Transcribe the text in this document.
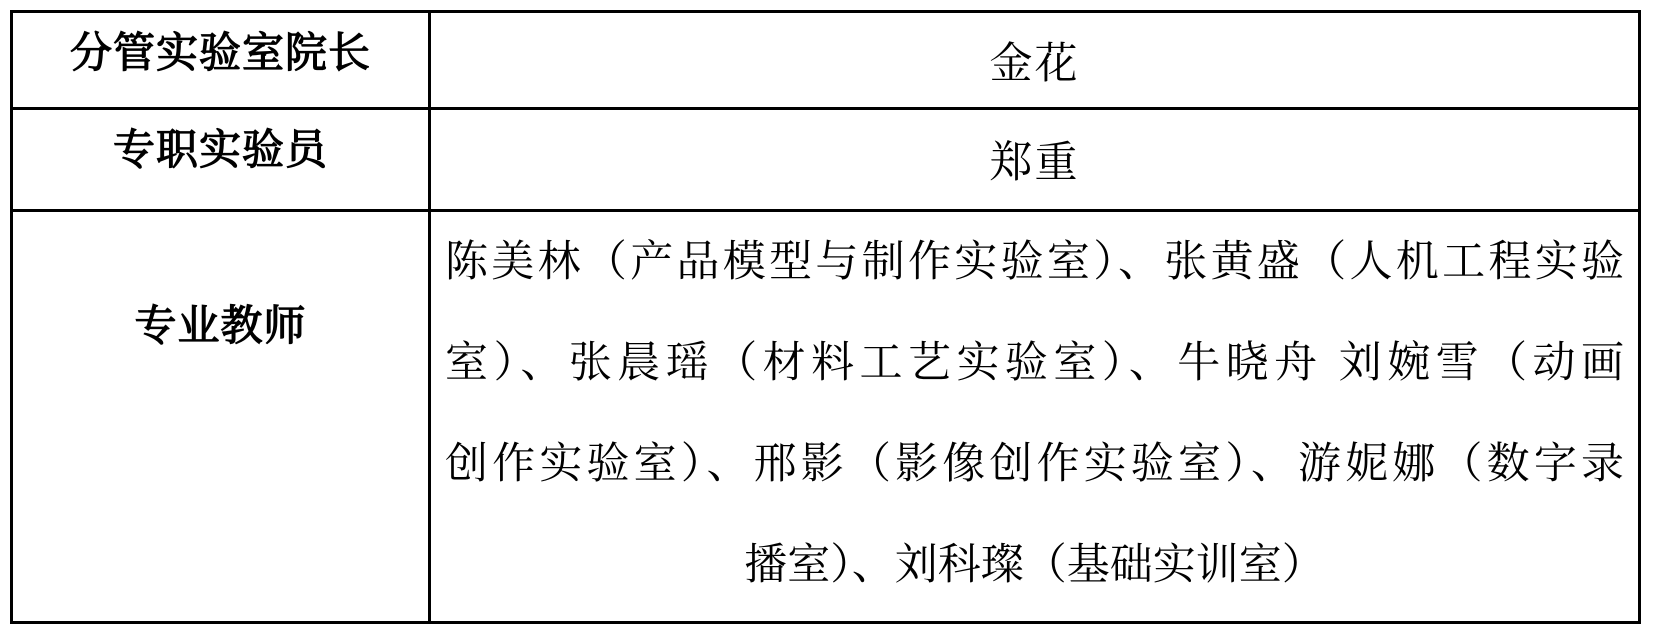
分管实验室院长	金花
专职实验员	郑重
专业教师
陈美林（产品模型与制作实验室）、张黄盛（人机工程实验
室）、张晨瑶（材料工艺实验室）、牛晓舟 刘婉雪（动画
创作实验室）、邢影（影像创作实验室）、游妮娜（数字录
播室）、刘科璨（基础实训室）
